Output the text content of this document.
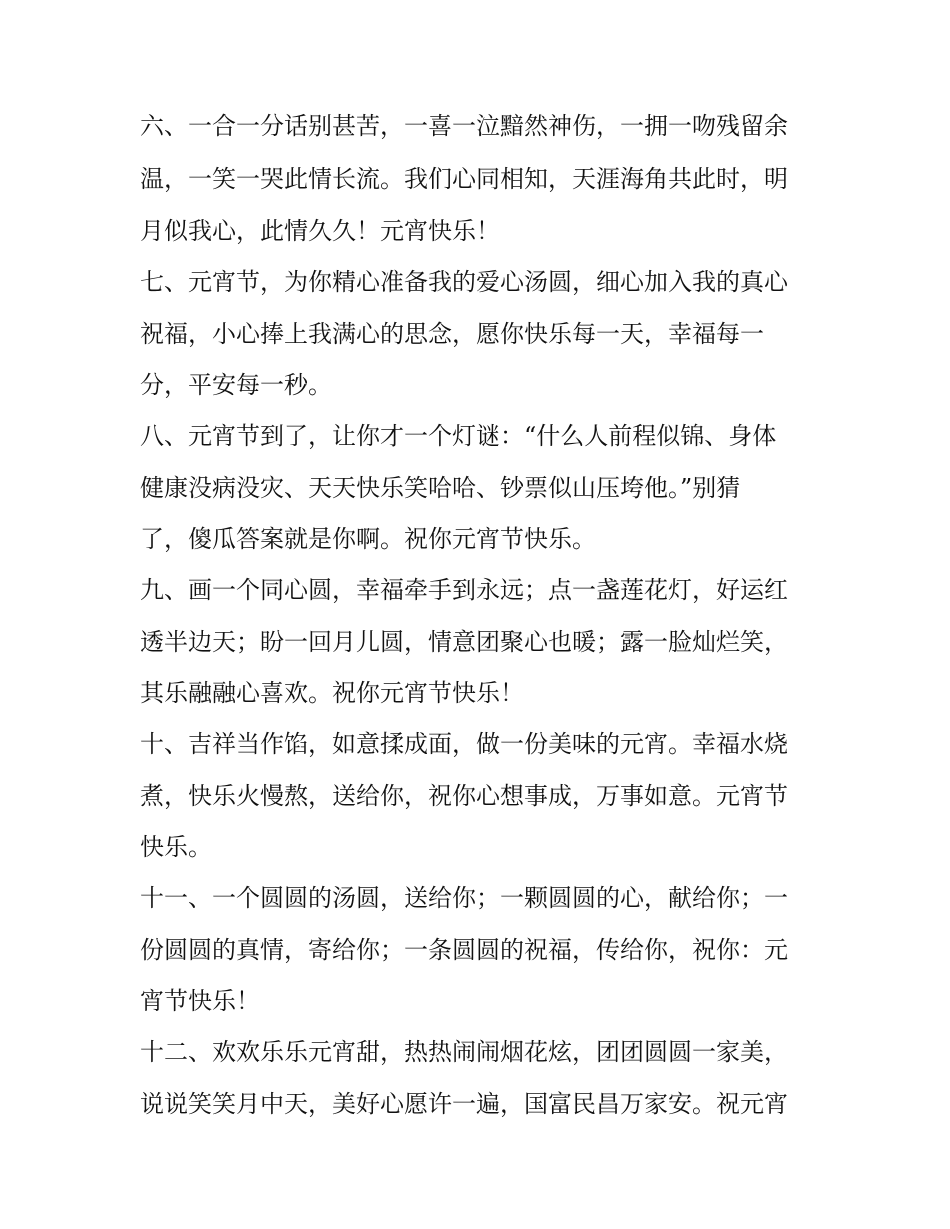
六、一合一分话别甚苦，一喜一泣黯然神伤，一拥一吻残留余
温，一笑一哭此情长流。我们心同相知，天涯海角共此时，明
月似我心，此情久久！元宵快乐！
七、元宵节，为你精心准备我的爱心汤圆，细心加入我的真心
祝福，小心捧上我满心的思念，愿你快乐每一天，幸福每一
分，平安每一秒。
八、元宵节到了，让你才一个灯谜：“什么人前程似锦、身体
健康没病没灾、天天快乐笑哈哈、钞票似山压垮他。”别猜
了，傻瓜答案就是你啊。祝你元宵节快乐。
九、画一个同心圆，幸福牵手到永远；点一盏莲花灯，好运红
透半边天；盼一回月儿圆，情意团聚心也暖；露一脸灿烂笑，
其乐融融心喜欢。祝你元宵节快乐！
十、吉祥当作馅，如意揉成面，做一份美味的元宵。幸福水烧
煮，快乐火慢熬，送给你，祝你心想事成，万事如意。元宵节
快乐。
十一、一个圆圆的汤圆，送给你；一颗圆圆的心，献给你；一
份圆圆的真情，寄给你；一条圆圆的祝福，传给你，祝你：元
宵节快乐！
十二、欢欢乐乐元宵甜，热热闹闹烟花炫，团团圆圆一家美，
说说笑笑月中天，美好心愿许一遍，国富民昌万家安。祝元宵
